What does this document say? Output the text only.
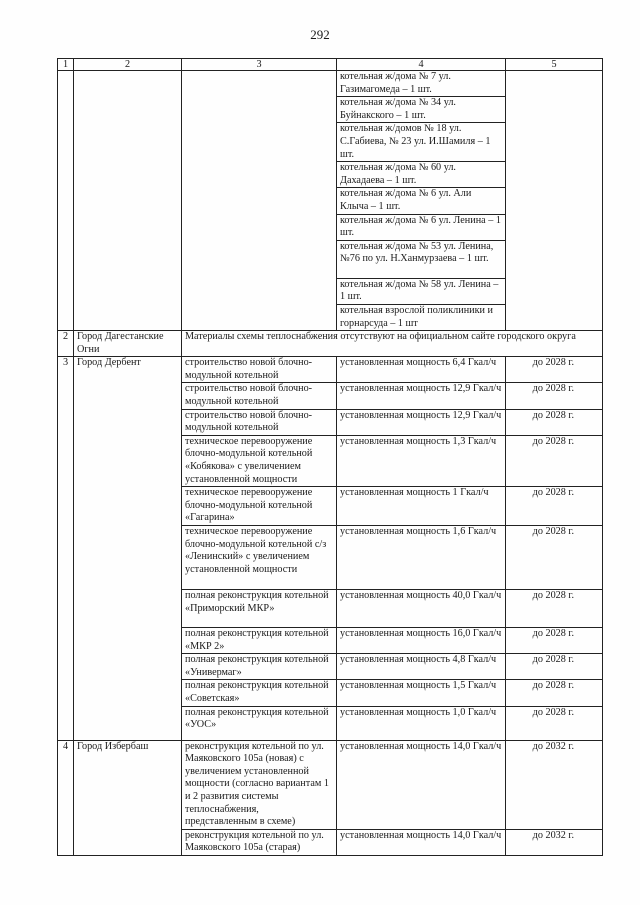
292
1	2	3	4	5
			котельная ж/дома № 7 ул. Газимагомеда – 1 шт.	
			котельная ж/дома № 34 ул. Буйнакского – 1 шт.	
			котельная ж/домов № 18 ул. С.Габиева, № 23 ул. И.Шамиля – 1 шт.	
			котельная ж/дома № 60 ул. Дахадаева – 1 шт.	
			котельная ж/дома № 6 ул. Али Клыча – 1 шт.	
			котельная ж/дома № 6 ул. Ленина – 1 шт.	
			котельная ж/дома № 53 ул. Ленина, №76 по ул. Н.Ханмурзаева – 1 шт.	
			котельная ж/дома № 58 ул. Ленина – 1 шт.	
			котельная взрослой поликлиники и горнарсуда – 1 шт	
2	Город Дагестанские Огни	Материалы схемы теплоснабжения отсутствуют на официальном сайте городского округа		
3	Город Дербент	строительство новой блочно-модульной котельной	установленная мощность 6,4 Гкал/ч	до 2028 г.
		строительство новой блочно-модульной котельной	установленная мощность 12,9 Гкал/ч	до 2028 г.
		строительство новой блочно-модульной котельной	установленная мощность 12,9 Гкал/ч	до 2028 г.
		техническое перевооружение блочно-модульной котельной «Кобякова» с увеличением установленной мощности	установленная мощность 1,3 Гкал/ч	до 2028 г.
		техническое перевооружение блочно-модульной котельной «Гагарина»	установленная мощность 1 Гкал/ч	до 2028 г.
		техническое перевооружение блочно-модульной котельной с/з «Ленинский» с увеличением установленной мощности	установленная мощность 1,6 Гкал/ч	до 2028 г.
		полная реконструкция котельной «Приморский МКР»	установленная мощность 40,0 Гкал/ч	до 2028 г.
		полная реконструкция котельной «МКР 2»	установленная мощность 16,0 Гкал/ч	до 2028 г.
		полная реконструкция котельной «Универмаг»	установленная мощность 4,8 Гкал/ч	до 2028 г.
		полная реконструкция котельной «Советская»	установленная мощность 1,5 Гкал/ч	до 2028 г.
		полная реконструкция котельной «УОС»	установленная мощность 1,0 Гкал/ч	до 2028 г.
4	Город Избербаш	реконструкция котельной по ул. Маяковского 105а (новая) с увеличением установленной мощности (согласно вариантам 1 и 2 развития системы теплоснабжения, представленным в схеме)	установленная мощность 14,0 Гкал/ч	до 2032 г.
		реконструкция котельной по ул. Маяковского 105а (старая)	установленная мощность 14,0 Гкал/ч	до 2032 г.
